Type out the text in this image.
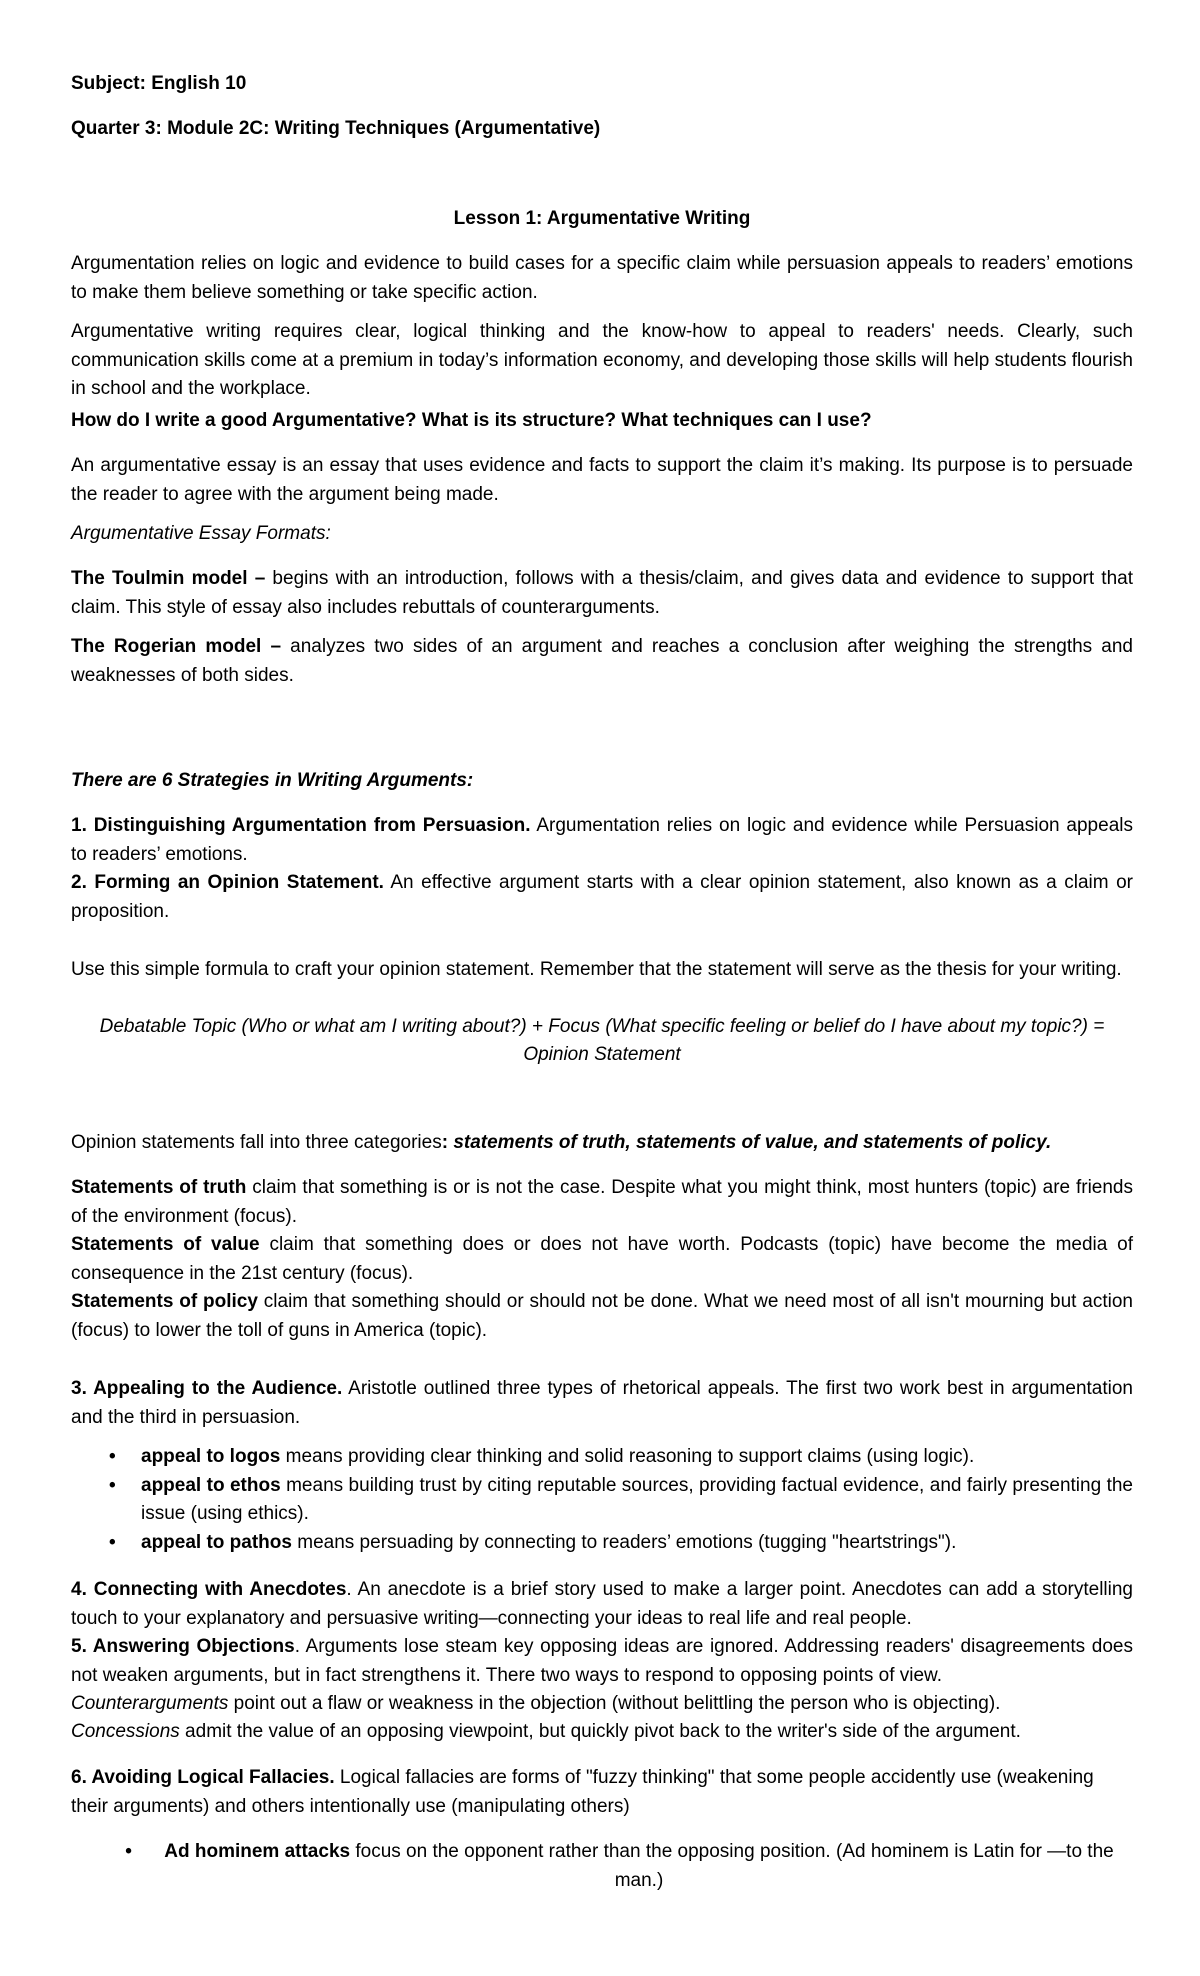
Subject: English 10

Quarter 3: Module 2C: Writing Techniques (Argumentative)

Lesson 1: Argumentative Writing

Argumentation relies on logic and evidence to build cases for a specific claim while persuasion appeals to readers’ emotions to make them believe something or take specific action.

Argumentative writing requires clear, logical thinking and the know-how to appeal to readers' needs. Clearly, such communication skills come at a premium in today’s information economy, and developing those skills will help students flourish in school and the workplace.

How do I write a good Argumentative? What is its structure? What techniques can I use?

An argumentative essay is an essay that uses evidence and facts to support the claim it’s making. Its purpose is to persuade the reader to agree with the argument being made.

Argumentative Essay Formats:

The Toulmin model – begins with an introduction, follows with a thesis/claim, and gives data and evidence to support that claim. This style of essay also includes rebuttals of counterarguments.

The Rogerian model – analyzes two sides of an argument and reaches a conclusion after weighing the strengths and weaknesses of both sides.

There are 6 Strategies in Writing Arguments:

1. Distinguishing Argumentation from Persuasion. Argumentation relies on logic and evidence while Persuasion appeals to readers’ emotions.

2. Forming an Opinion Statement. An effective argument starts with a clear opinion statement, also known as a claim or proposition.

Use this simple formula to craft your opinion statement. Remember that the statement will serve as the thesis for your writing.

Debatable Topic (Who or what am I writing about?) + Focus (What specific feeling or belief do I have about my topic?) =

Opinion Statement

Opinion statements fall into three categories: statements of truth, statements of value, and statements of policy.

Statements of truth claim that something is or is not the case. Despite what you might think, most hunters (topic) are friends of the environment (focus).

Statements of value claim that something does or does not have worth. Podcasts (topic) have become the media of consequence in the 21st century (focus).

Statements of policy claim that something should or should not be done. What we need most of all isn't mourning but action (focus) to lower the toll of guns in America (topic).

3. Appealing to the Audience. Aristotle outlined three types of rhetorical appeals. The first two work best in argumentation and the third in persuasion.

• appeal to logos means providing clear thinking and solid reasoning to support claims (using logic).
• appeal to ethos means building trust by citing reputable sources, providing factual evidence, and fairly presenting the issue (using ethics).
• appeal to pathos means persuading by connecting to readers’ emotions (tugging "heartstrings").

4. Connecting with Anecdotes. An anecdote is a brief story used to make a larger point. Anecdotes can add a storytelling touch to your explanatory and persuasive writing—connecting your ideas to real life and real people.

5. Answering Objections. Arguments lose steam key opposing ideas are ignored. Addressing readers' disagreements does not weaken arguments, but in fact strengthens it. There two ways to respond to opposing points of view.

Counterarguments point out a flaw or weakness in the objection (without belittling the person who is objecting).

Concessions admit the value of an opposing viewpoint, but quickly pivot back to the writer's side of the argument.

6. Avoiding Logical Fallacies. Logical fallacies are forms of "fuzzy thinking" that some people accidently use (weakening their arguments) and others intentionally use (manipulating others)

• Ad hominem attacks focus on the opponent rather than the opposing position. (Ad hominem is Latin for —to the man.)
